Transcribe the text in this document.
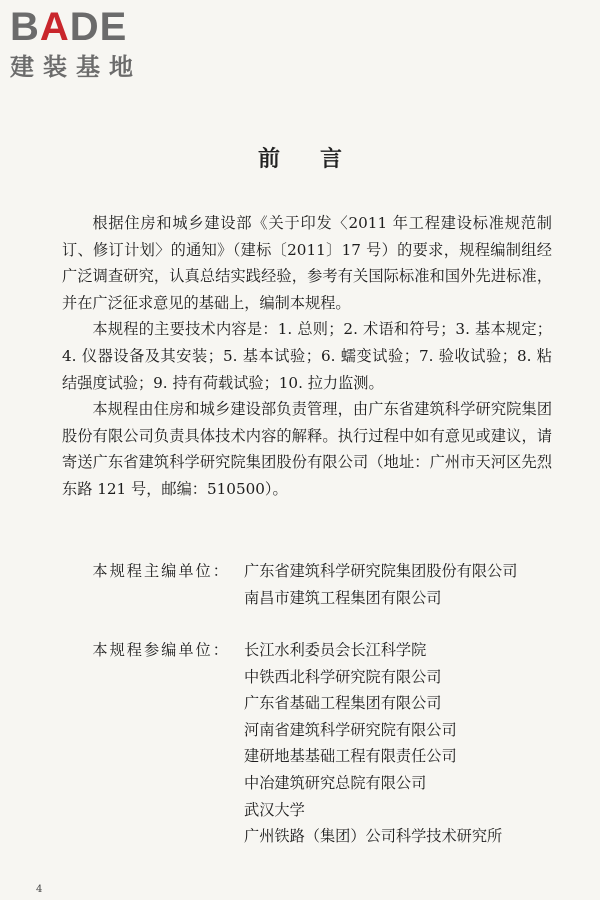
BADE
建装基地
前言

根据住房和城乡建设部《关于印发〈2011 年工程建设标准规范制订、修订计划〉的通知》（建标〔2011〕17 号）的要求，规程编制组经广泛调查研究，认真总结实践经验，参考有关国际标准和国外先进标准，并在广泛征求意见的基础上，编制本规程。

本规程的主要技术内容是：1. 总则；2. 术语和符号；3. 基本规定；4. 仪器设备及其安装；5. 基本试验；6. 蠕变试验；7. 验收试验；8. 粘结强度试验；9. 持有荷载试验；10. 拉力监测。

本规程由住房和城乡建设部负责管理，由广东省建筑科学研究院集团股份有限公司负责具体技术内容的解释。执行过程中如有意见或建议，请寄送广东省建筑科学研究院集团股份有限公司（地址：广州市天河区先烈东路 121 号，邮编：510500）。

本规程主编单位： 广东省建筑科学研究院集团股份有限公司
南昌市建筑工程集团有限公司
本规程参编单位： 长江水利委员会长江科学院
中铁西北科学研究院有限公司
广东省基础工程集团有限公司
河南省建筑科学研究院有限公司
建研地基基础工程有限责任公司
中冶建筑研究总院有限公司
武汉大学
广州铁路（集团）公司科学技术研究所
4
